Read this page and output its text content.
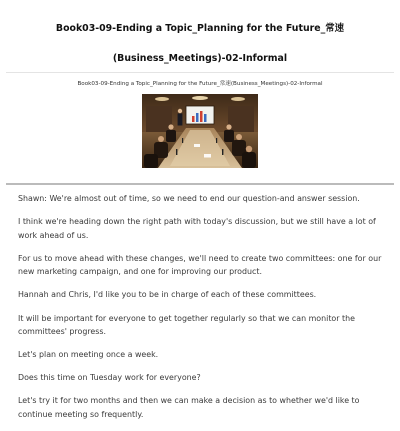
Book03-09-Ending a Topic_Planning for the Future_常速(Business_Meetings)-02-Informal
Book03-09-Ending a Topic_Planning for the Future_常速(Business_Meetings)-02-Informal

Shawn: We're almost out of time, so we need to end our question-and answer session.

I think we're heading down the right path with today's discussion, but we still have a lot of work ahead of us.

For us to move ahead with these changes, we'll need to create two committees: one for our new marketing campaign, and one for improving our product.

Hannah and Chris, I'd like you to be in charge of each of these committees.

It will be important for everyone to get together regularly so that we can monitor the committees' progress.

Let's plan on meeting once a week.

Does this time on Tuesday work for everyone?

Let's try it for two months and then we can make a decision as to whether we'd like to continue meeting so frequently.
